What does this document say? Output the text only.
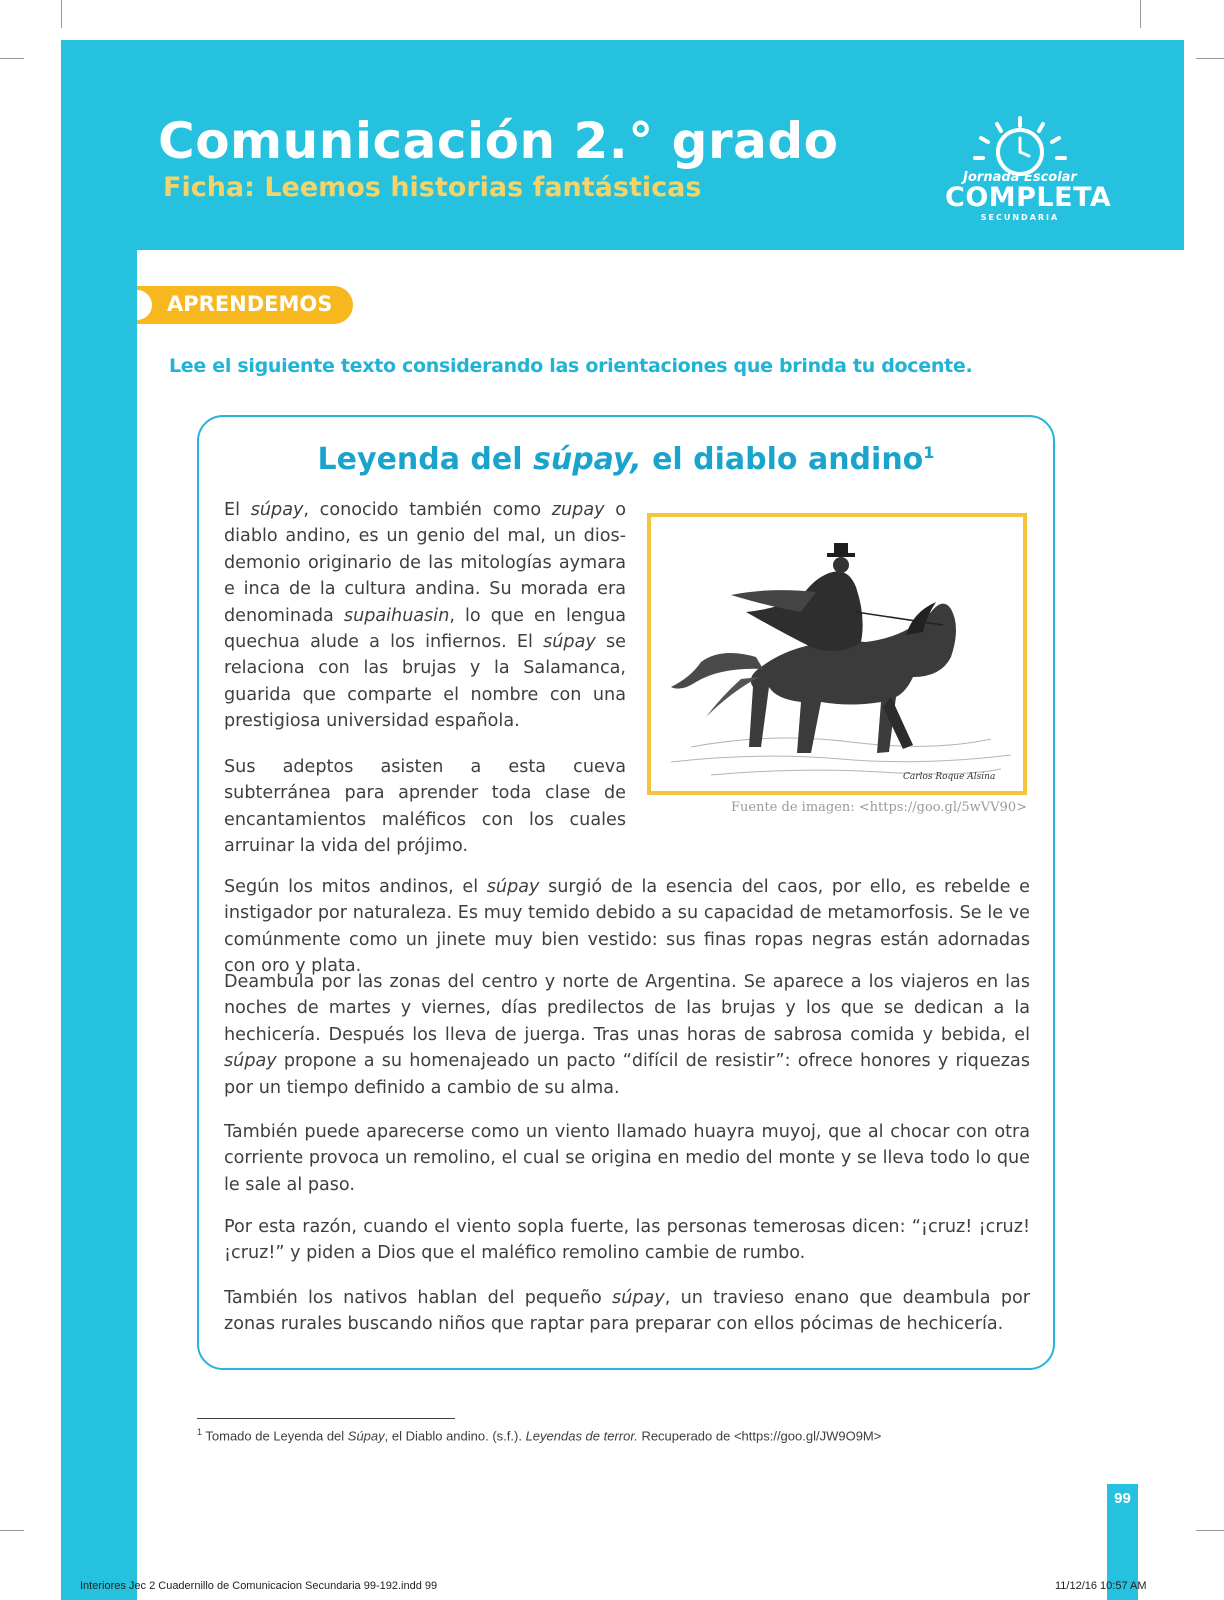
99
Comunicación 2.° grado
Ficha: Leemos historias fantásticas	Jornada Escolar
COMPLETA
SECUNDARIA
APRENDEMOS
Lee el siguiente texto considerando las orientaciones que brinda tu docente.
Leyenda del súpay, el diablo andino$^1$
El súpay, conocido también como zupay o diablo andino, es un genio del mal, un dios-demonio originario de las mitologías aymara e inca de la cultura andina. Su morada era denominada supaihuasin, lo que en lengua quechua alude a los infiernos. El súpay se relaciona con las brujas y la Salamanca, guarida que comparte el nombre con una prestigiosa universidad española.
Sus adeptos asisten a esta cueva subterránea para aprender toda clase de encantamientos maléficos con los cuales arruinar la vida del prójimo.
Carlos Roque Alsina
Fuente de imagen: <https://goo.gl/5wVV90>
Según los mitos andinos, el súpay surgió de la esencia del caos, por ello, es rebelde e instigador por naturaleza. Es muy temido debido a su capacidad de metamorfosis. Se le ve comúnmente como un jinete muy bien vestido: sus finas ropas negras están adornadas con oro y plata.
Deambula por las zonas del centro y norte de Argentina. Se aparece a los viajeros en las noches de martes y viernes, días predilectos de las brujas y los que se dedican a la hechicería. Después los lleva de juerga. Tras unas horas de sabrosa comida y bebida, el súpay propone a su homenajeado un pacto “difícil de resistir”: ofrece honores y riquezas por un tiempo definido a cambio de su alma.
También puede aparecerse como un viento llamado huayra muyoj, que al chocar con otra corriente provoca un remolino, el cual se origina en medio del monte y se lleva todo lo que le sale al paso.
Por esta razón, cuando el viento sopla fuerte, las personas temerosas dicen: “¡cruz! ¡cruz! ¡cruz!” y piden a Dios que el maléfico remolino cambie de rumbo.
También los nativos hablan del pequeño súpay, un travieso enano que deambula por zonas rurales buscando niños que raptar para preparar con ellos pócimas de hechicería.
$^1$ Tomado de Leyenda del Súpay, el Diablo andino. (s.f.). Leyendas de terror. Recuperado de <https://goo.gl/JW9O9M>
Interiores Jec 2 Cuadernillo de Comunicacion Secundaria 99-192.indd 99	11/12/16 10:57 AM
